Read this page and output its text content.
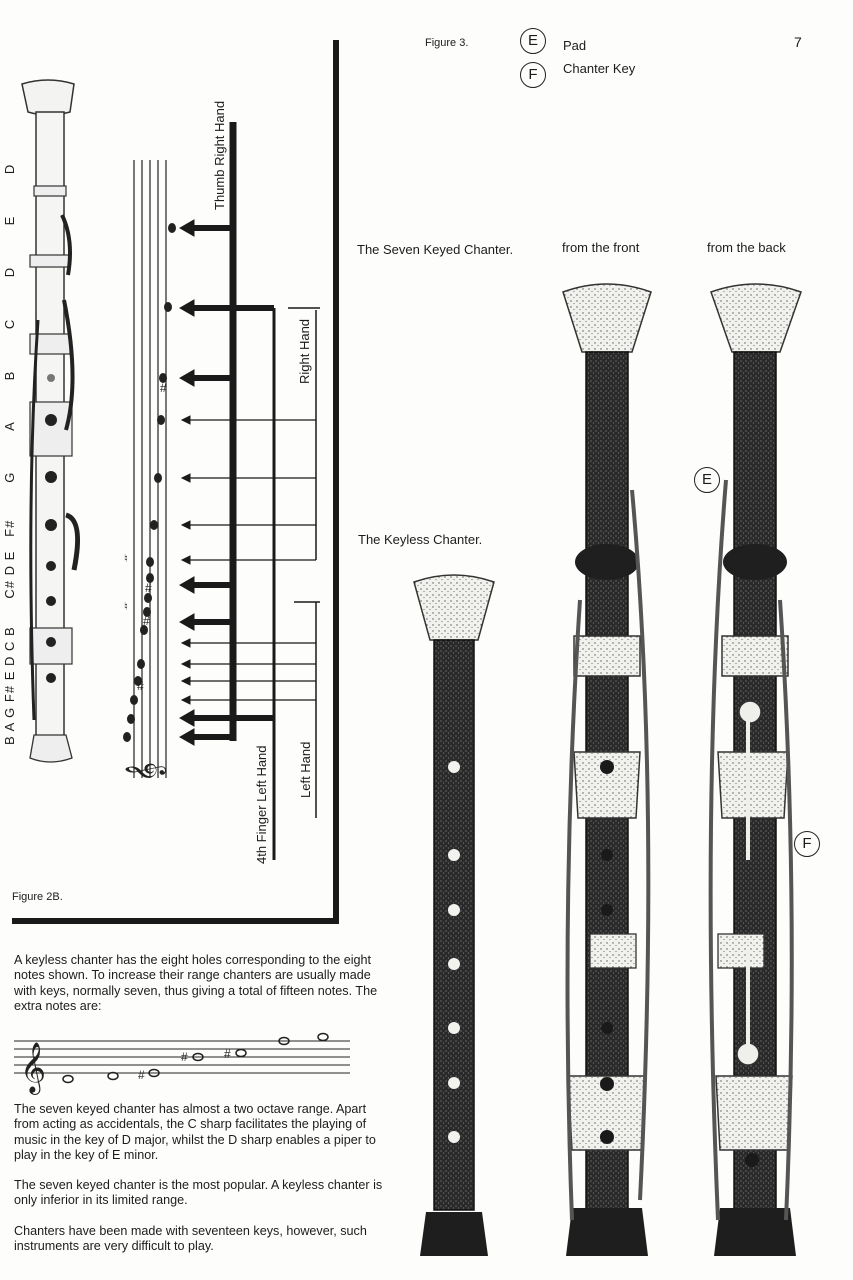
𝄞
#
#
#
#
♮
♮
𝄞	#
#	#
B A G F# E D C B      C# D E   F#        G         A         B         C         D         E         D	Thumb Right Hand
Right Hand
4th Finger Left Hand Left Hand
Figure 2B.
Figure 3.	E	Pad
F	Chanter Key
7
The Seven Keyed Chanter.	from the front	from the back
The Keyless Chanter.
E
F
A keyless chanter has the eight holes corresponding to the eight notes shown. To increase their range chanters are usually made with keys, normally seven, thus giving a total of fifteen notes. The extra notes are:
The seven keyed chanter has almost a two octave range. Apart from acting as accidentals, the C sharp facilitates the playing of music in the key of D major, whilst the D sharp enables a piper to play in the key of E minor.
The seven keyed chanter is the most popular. A keyless chanter is only inferior in its limited range.
Chanters have been made with seventeen keys, however, such instruments are very difficult to play.
